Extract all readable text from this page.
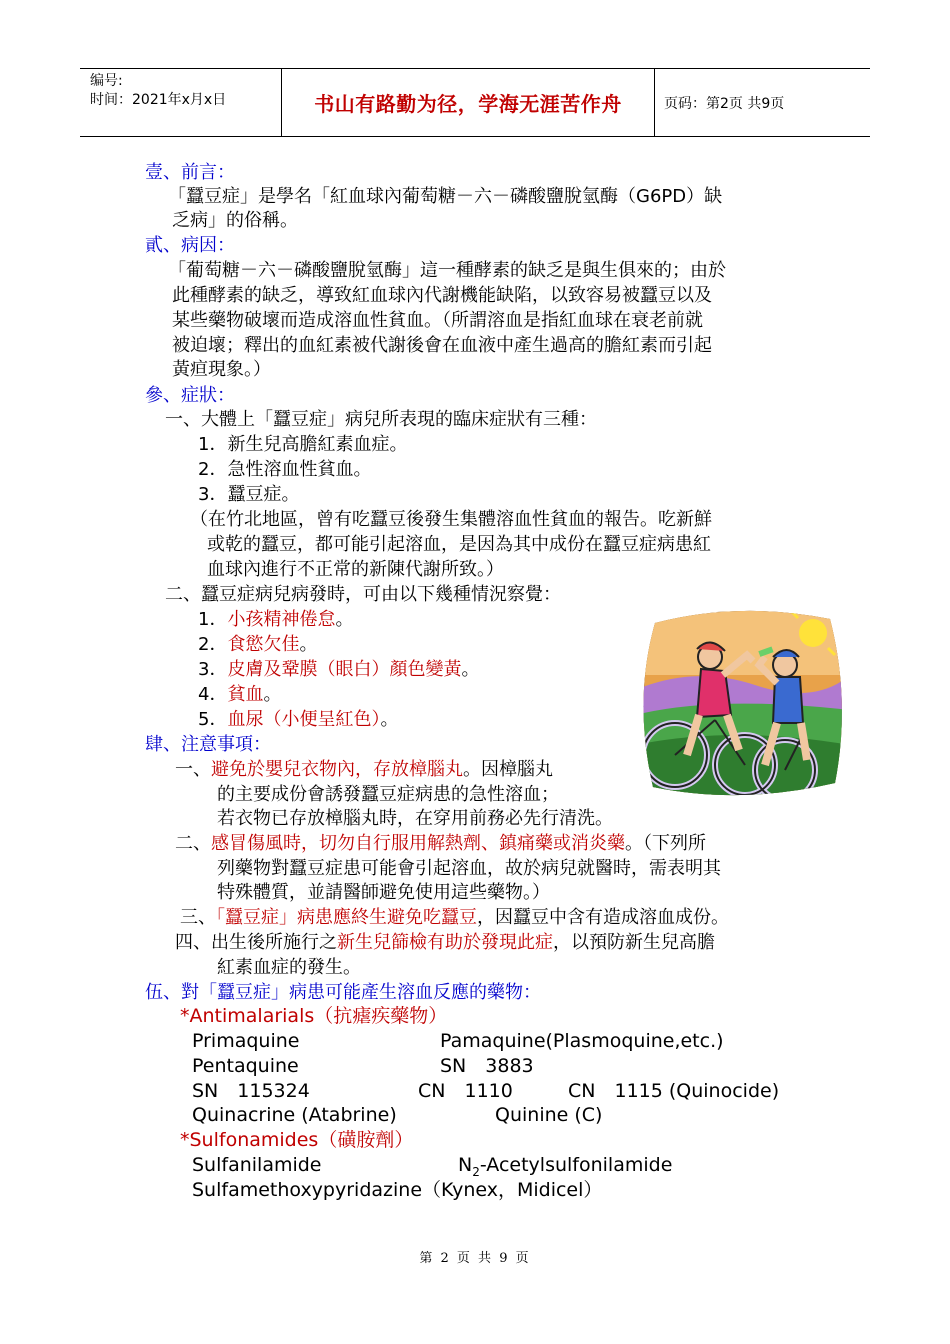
编号:
时间：2021年x月x日	书山有路勤为径，学海无涯苦作舟	页码：第2页 共9页
壹、前言：
「蠶豆症」是學名「紅血球內葡萄糖－六－磷酸鹽脫氫酶（G6PD）缺
乏病」的俗稱。
貳、病因：
「葡萄糖－六－磷酸鹽脫氫酶」這一種酵素的缺乏是與生俱來的；由於
此種酵素的缺乏，導致紅血球內代謝機能缺陷，以致容易被蠶豆以及
某些藥物破壞而造成溶血性貧血。（所謂溶血是指紅血球在衰老前就
被迫壞；釋出的血紅素被代謝後會在血液中產生過高的膽紅素而引起
黃疸現象。）
參、症狀：
一、大體上「蠶豆症」病兒所表現的臨床症狀有三種：
1．新生兒高膽紅素血症。
2．急性溶血性貧血。
3．蠶豆症。
（在竹北地區，曾有吃蠶豆後發生集體溶血性貧血的報告。吃新鮮
或乾的蠶豆，都可能引起溶血，是因為其中成份在蠶豆症病患紅
血球內進行不正常的新陳代謝所致。）
二、蠶豆症病兒病發時，可由以下幾種情況察覺：
1．小孩精神倦怠。
2．食慾欠佳。
3．皮膚及鞏膜（眼白）顏色變黃。
4．貧血。
5．血尿（小便呈紅色）。
肆、注意事項：
一、避免於嬰兒衣物內，存放樟腦丸。因樟腦丸
的主要成份會誘發蠶豆症病患的急性溶血；
若衣物已存放樟腦丸時，在穿用前務必先行清洗。
二、感冒傷風時，切勿自行服用解熱劑、鎮痛藥或消炎藥。（下列所
列藥物對蠶豆症患可能會引起溶血，故於病兒就醫時，需表明其
特殊體質，並請醫師避免使用這些藥物。）
三、「蠶豆症」病患應終生避免吃蠶豆，因蠶豆中含有造成溶血成份。
四、出生後所施行之新生兒篩檢有助於發現此症，以預防新生兒高膽
紅素血症的發生。
伍、對「蠶豆症」病患可能產生溶血反應的藥物：
*Antimalarials（抗瘧疾藥物）
Primaquine	Pamaquine(Plasmoquine,etc.)
Pentaquine	SN　3883
SN　115324	CN　1110	CN　1115 (Quinocide)
Quinacrine (Atabrine)	Quinine (C)
*Sulfonamides（磺胺劑）
Sulfanilamide	$N_2$-Acetylsulfonilamide
Sulfamethoxypyridazine（Kynex，Midicel）
第 2 页 共 9 页
